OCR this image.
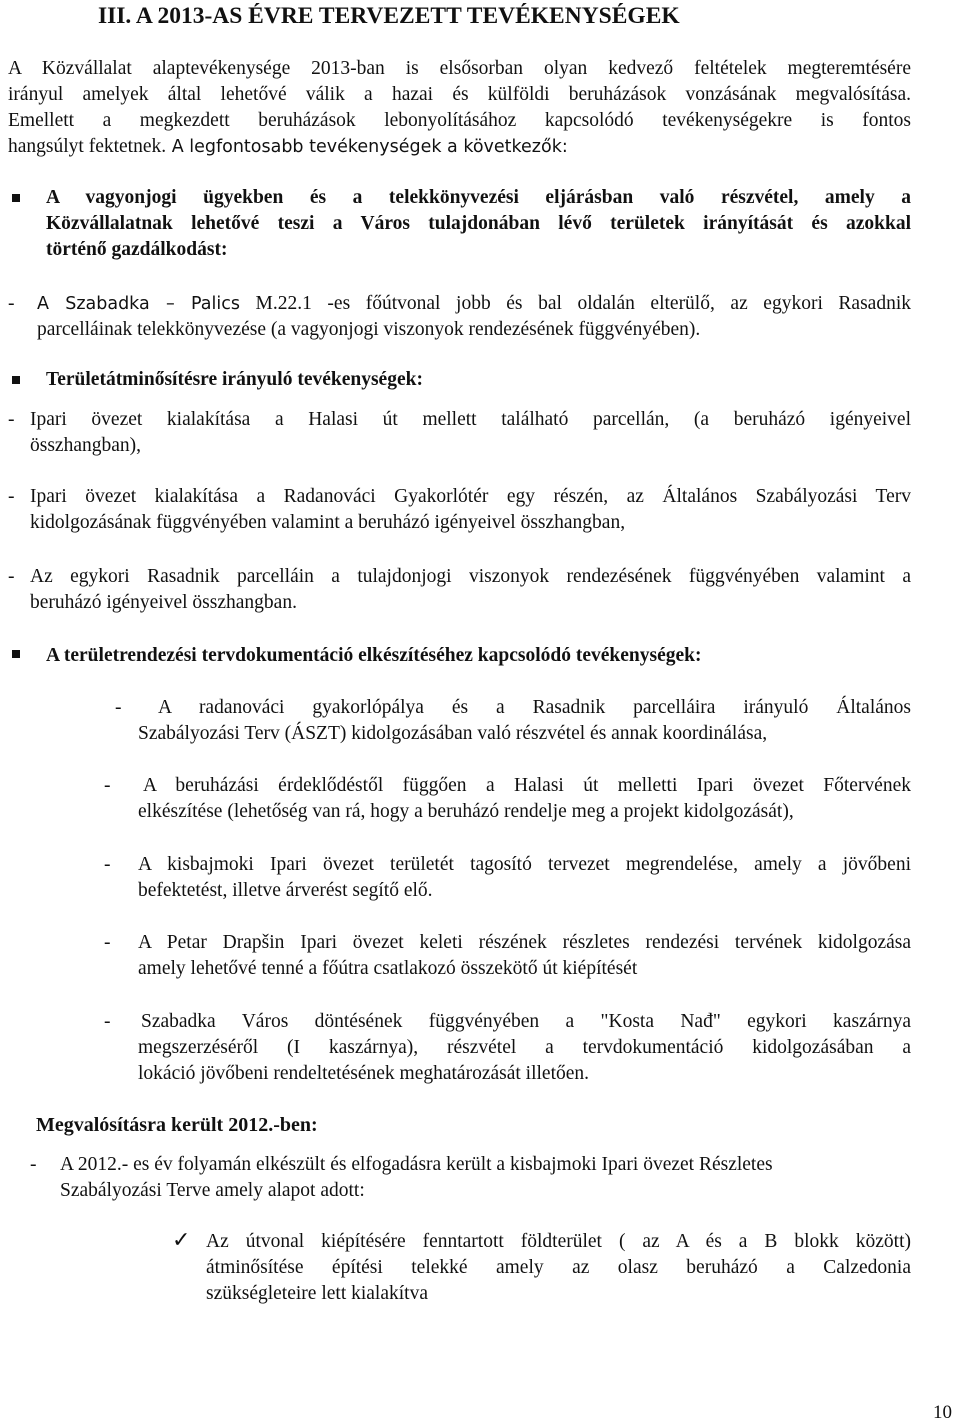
III. A 2013-AS ÉVRE TERVEZETT TEVÉKENYSÉGEK
A Közvállalat alaptevékenysége 2013-ban is elsősorban olyan kedvező feltételek megteremtésére
irányul amelyek által lehetővé válik a hazai és külföldi beruházások vonzásának megvalósítása.
Emellett a megkezdett beruházások lebonyolításához kapcsolódó tevékenységekre is fontos
hangsúlyt fektetnek. A legfontosabb tevékenységek a következők:
A vagyonjogi ügyekben és a telekkönyvezési eljárásban való részvétel, amely a
Közvállalatnak lehetővé teszi a Város tulajdonában lévő területek irányítását és azokkal
történő gazdálkodást:
- A Szabadka – Palics M.22.1 -es főútvonal jobb és bal oldalán elterülő, az egykori Rasadnik
parcelláinak telekkönyvezése (a vagyonjogi viszonyok rendezésének függvényében).
Területátminősítésre irányuló tevékenységek:
- Ipari övezet kialakítása a Halasi út mellett található parcellán, (a beruházó igényeivel
összhangban),
- Ipari övezet kialakítása a Radanováci Gyakorlótér egy részén, az Általános Szabályozási Terv
kidolgozásának függvényében valamint a beruházó igényeivel összhangban,
- Az egykori Rasadnik parcelláin a tulajdonjogi viszonyok rendezésének függvényében valamint a
beruházó igényeivel összhangban.
A területrendezési tervdokumentáció elkészítéséhez kapcsolódó tevékenységek:
-	A radanováci gyakorlópálya és a Rasadnik parcelláira irányuló Általános
Szabályozási Terv (ÁSZT) kidolgozásában való részvétel és annak koordinálása,
- A beruházási érdeklődéstől függően a Halasi út melletti Ipari övezet Főtervének
elkészítése (lehetőség van rá, hogy a beruházó rendelje meg a projekt kidolgozását),
- A kisbajmoki Ipari övezet területét tagosító tervezet megrendelése, amely a jövőbeni
befektetést, illetve árverést segítő elő.
- A Petar Drapšin Ipari övezet keleti részének részletes rendezési tervének kidolgozása
amely lehetővé tenné a főútra csatlakozó összekötő út kiépítését
- Szabadka Város döntésének függvényében a "Kosta Nađ" egykori kaszárnya
megszerzéséről (I kaszárnya), részvétel a tervdokumentáció kidolgozásában a
lokáció jövőbeni rendeltetésének meghatározását illetően.
Megvalósításra került 2012.-ben:
- A 2012.- es év folyamán elkészült és elfogadásra került a kisbajmoki Ipari övezet Részletes
Szabályozási Terve amely alapot adott:
✓ Az útvonal kiépítésére fenntartott földterület ( az A és a B blokk között)
átminősítése építési telekké amely az olasz beruházó a Calzedonia
szükségleteire lett kialakítva
10
